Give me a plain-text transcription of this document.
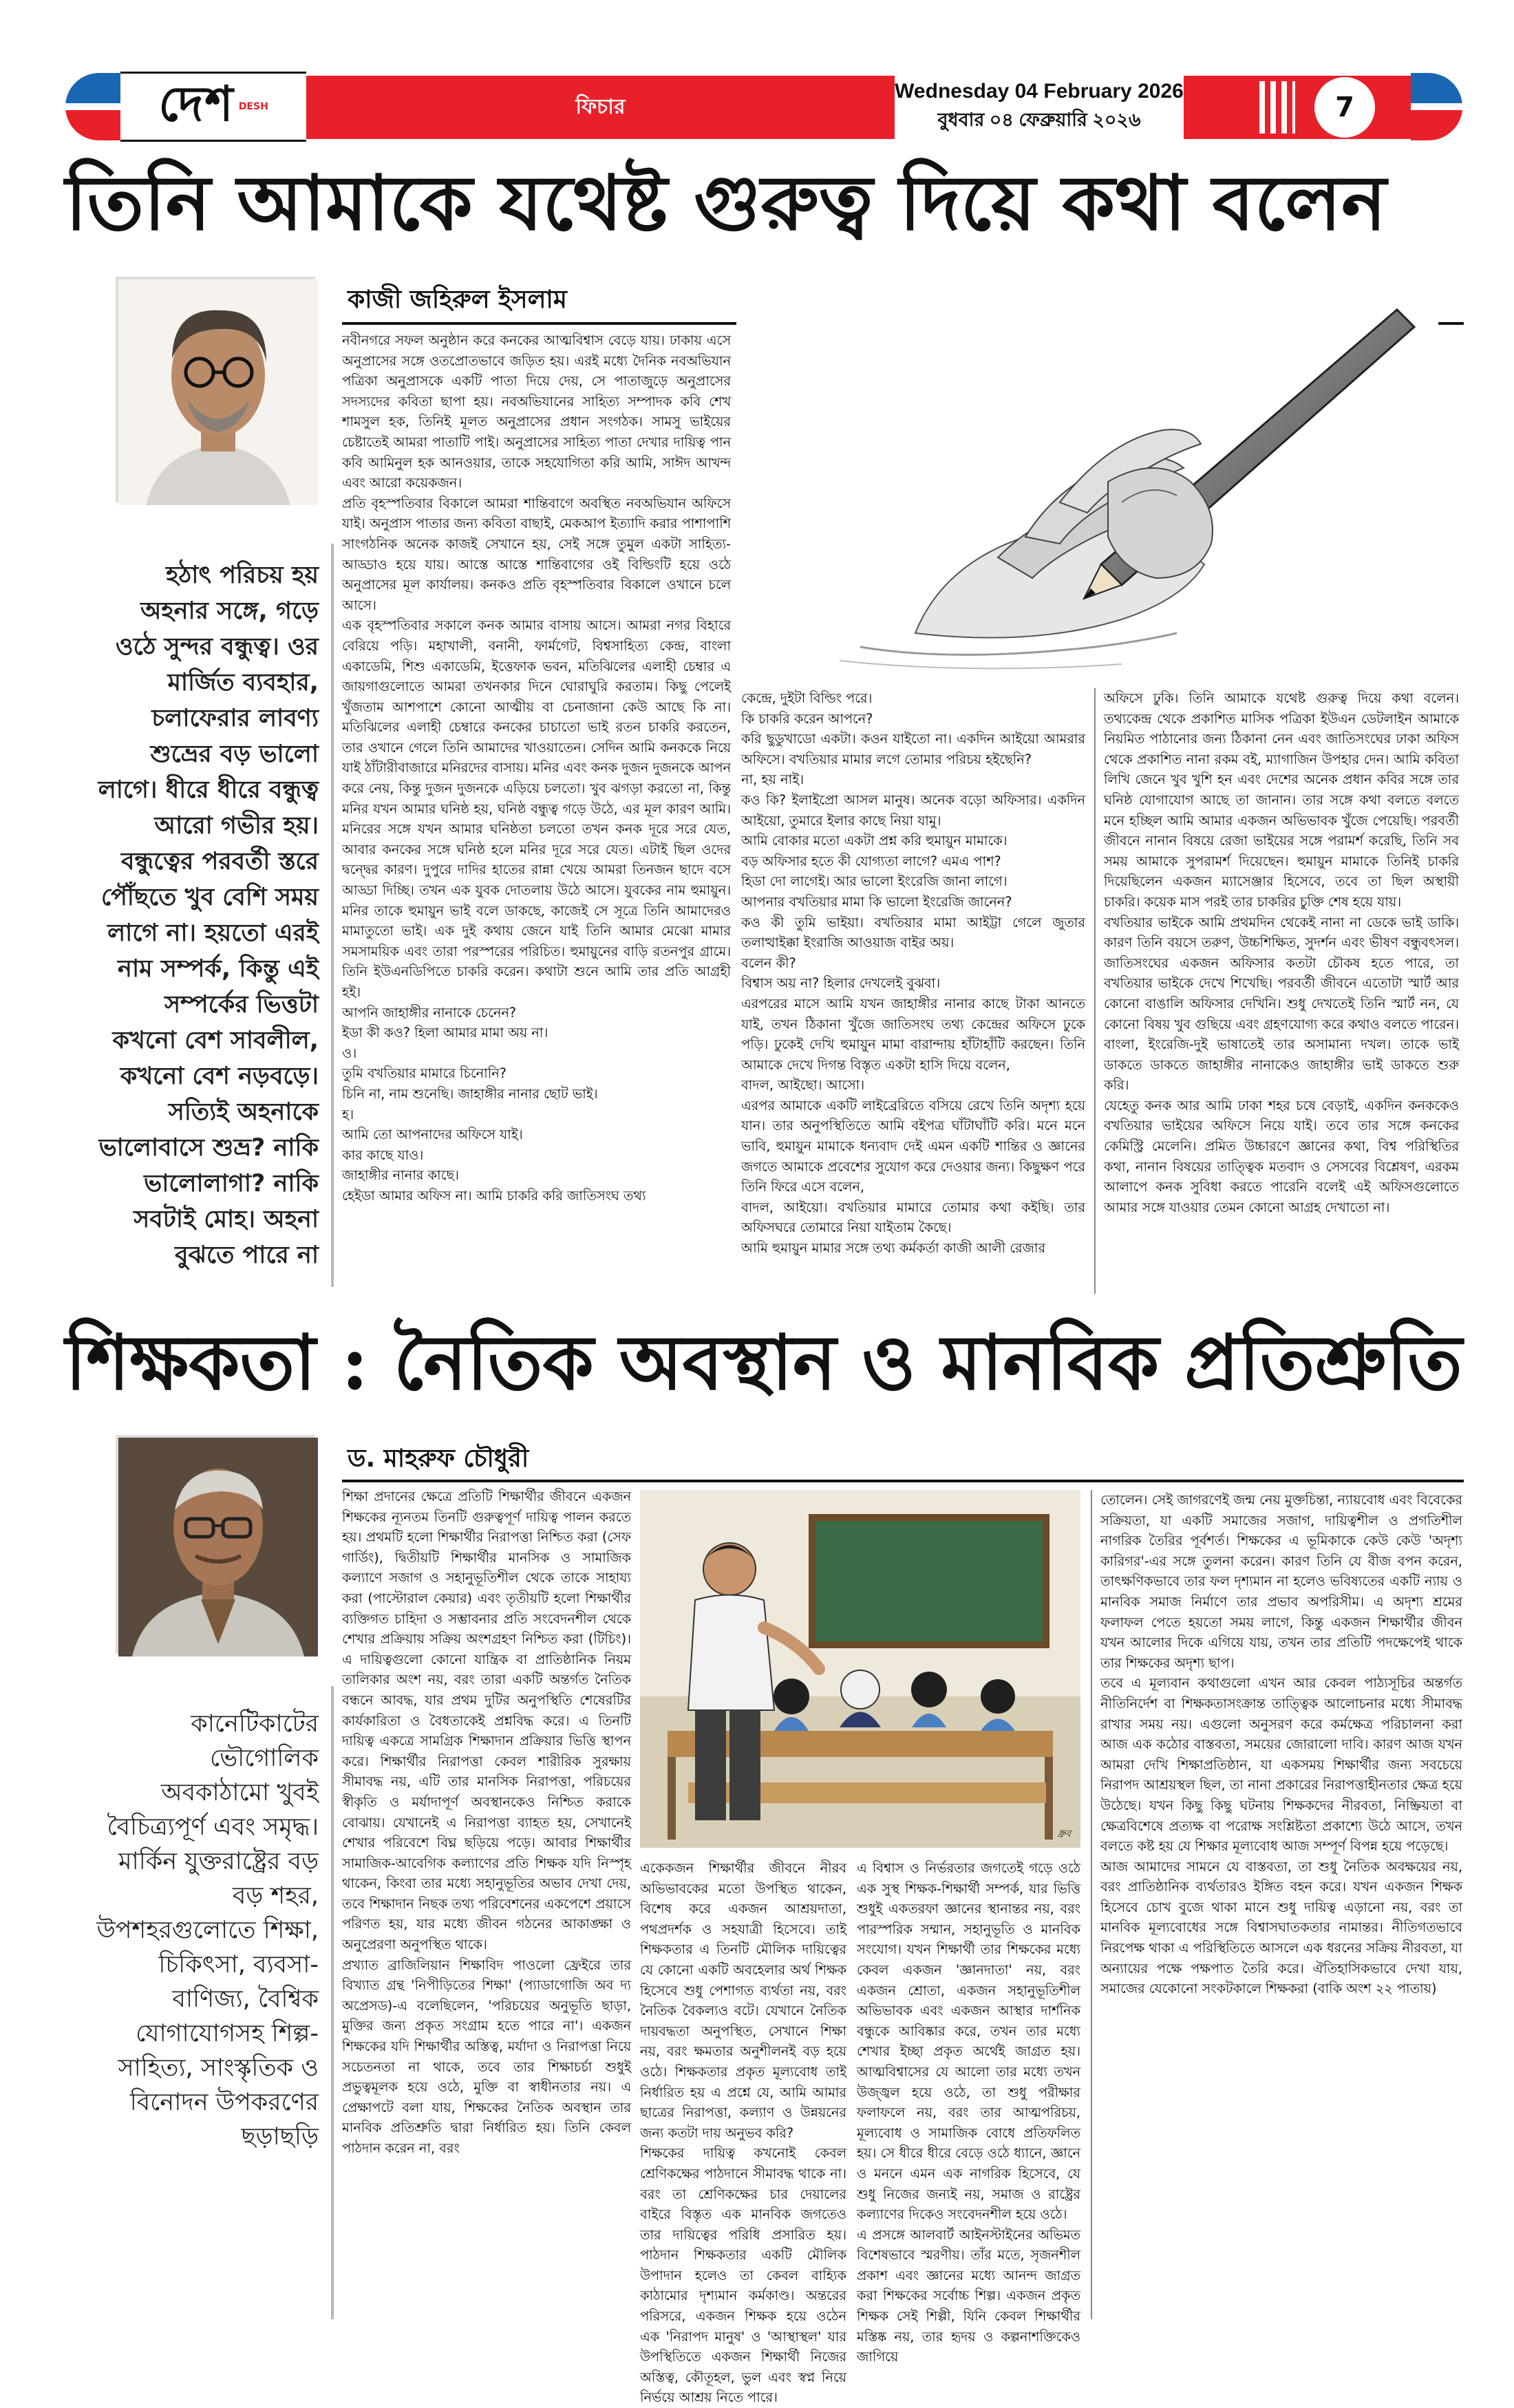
দেশ DESH	ফিচার
Wednesday 04 February 2026
বুধবার ০৪ ফেব্রুয়ারি ২০২৬	7
তিনি আমাকে যথেষ্ট গুরুত্ব দিয়ে কথা বলেন
হঠাৎ পরিচয় হয় অহনার সঙ্গে, গড়ে ওঠে সুন্দর বন্ধুত্ব। ওর মার্জিত ব্যবহার, চলাফেরার লাবণ্য শুভ্রের বড় ভালো লাগে। ধীরে ধীরে বন্ধুত্ব আরো গভীর হয়। বন্ধুত্বের পরবর্তী স্তরে পৌঁছতে খুব বেশি সময় লাগে না। হয়তো এরই নাম সম্পর্ক, কিন্তু এই সম্পর্কের ভিত্তটা কখনো বেশ সাবলীল, কখনো বেশ নড়বড়ে। সত্যিই অহনাকে ভালোবাসে শুভ্র? নাকি ভালোলাগা? নাকি সবটাই মোহ। অহনা বুঝতে পারে না
কাজী জহিরুল ইসলাম

নবীনগরে সফল অনুষ্ঠান করে কনকের আত্মবিশ্বাস বেড়ে যায়। ঢাকায় এসে অনুপ্রাসের সঙ্গে ওতপ্রোতভাবে জড়িত হয়। এরই মধ্যে দৈনিক নবঅভিযান পত্রিকা অনুপ্রাসকে একটি পাতা দিয়ে দেয়, সে পাতাজুড়ে অনুপ্রাসের সদস্যদের কবিতা ছাপা হয়। নবঅভিযানের সাহিত্য সম্পাদক কবি শেখ শামসুল হক, তিনিই মূলত অনুপ্রাসের প্রধান সংগঠক। সামসু ভাইয়ের চেষ্টাতেই আমরা পাতাটি পাই। অনুপ্রাসের সাহিত্য পাতা দেখার দায়িত্ব পান কবি আমিনুল হক আনওয়ার, তাকে সহযোগিতা করি আমি, সাঈদ আখন্দ এবং আরো কয়েকজন।

প্রতি বৃহস্পতিবার বিকালে আমরা শান্তিবাগে অবস্থিত নবঅভিযান অফিসে যাই। অনুপ্রাস পাতার জন্য কবিতা বাছাই, মেকআপ ইত্যাদি করার পাশাপাশি সাংগঠনিক অনেক কাজই সেখানে হয়, সেই সঙ্গে তুমুল একটা সাহিত্য-আড্ডাও হয়ে যায়। আস্তে আস্তে শান্তিবাগের ওই বিল্ডিংটি হয়ে ওঠে অনুপ্রাসের মূল কার্যালয়। কনকও প্রতি বৃহস্পতিবার বিকালে ওখানে চলে আসে।

এক বৃহস্পতিবার সকালে কনক আমার বাসায় আসে। আমরা নগর বিহারে বেরিয়ে পড়ি। মহাখালী, বনানী, ফার্মগেট, বিশ্বসাহিত্য কেন্দ্র, বাংলা একাডেমি, শিশু একাডেমি, ইত্তেফাক ভবন, মতিঝিলের এলাহী চেম্বার এ জায়গাগুলোতে আমরা তখনকার দিনে ঘোরাঘুরি করতাম। কিছু পেলেই খুঁজতাম আশপাশে কোনো আত্মীয় বা চেনাজানা কেউ আছে কি না। মতিঝিলের এলাহী চেম্বারে কনকের চাচাতো ভাই রতন চাকরি করতেন, তার ওখানে গেলে তিনি আমাদের খাওয়াতেন। সেদিন আমি কনককে নিয়ে যাই ঠাঁটারীবাজারে মনিরদের বাসায়। মনির এবং কনক দুজন দুজনকে আপন করে নেয়, কিন্তু দুজন দুজনকে এড়িয়ে চলতো। খুব ঝগড়া করতো না, কিন্তু মনির যখন আমার ঘনিষ্ঠ হয়, ঘনিষ্ঠ বন্ধুত্ব গড়ে উঠে, এর মূল কারণ আমি। মনিরের সঙ্গে যখন আমার ঘনিষ্ঠতা চলতো তখন কনক দূরে সরে যেত, আবার কনকের সঙ্গে ঘনিষ্ঠ হলে মনির দূরে সরে যেত। এটাই ছিল ওদের দ্বন্দ্বের কারণ। দুপুরে দাদির হাতের রান্না খেয়ে আমরা তিনজন ছাদে বসে আড্ডা দিচ্ছি। তখন এক যুবক দোতলায় উঠে আসে। যুবকের নাম হুমায়ুন। মনির তাকে হুমায়ুন ভাই বলে ডাকছে, কাজেই সে সূত্রে তিনি আমাদেরও মামাতুতো ভাই। এক দুই কথায় জেনে যাই তিনি আমার মেঝো মামার সমসাময়িক এবং তারা পরস্পরের পরিচিত। হুমায়ুনের বাড়ি রতনপুর গ্রামে। তিনি ইউএনডিপিতে চাকরি করেন। কথাটা শুনে আমি তার প্রতি আগ্রহী হই।

আপনি জাহাঙ্গীর নানাকে চেনেন?

ইডা কী কও? হিলা আমার মামা অয় না।

ও।

তুমি বখতিয়ার মামারে চিনোনি?

চিনি না, নাম শুনেছি। জাহাঙ্গীর নানার ছোট ভাই।

হ।

আমি তো আপনাদের অফিসে যাই।

কার কাছে যাও।

জাহাঙ্গীর নানার কাছে।

হেইডা আমার অফিস না। আমি চাকরি করি জাতিসংঘ তথ্য

কেন্দ্রে, দুইটা বিল্ডিং পরে।

কি চাকরি করেন আপনে?

করি ছুডুখাডো একটা। কওন যাইতো না। একদিন আইয়ো আমরার অফিসে। বখতিয়ার মামার লগে তোমার পরিচয় হইছেনি?

না, হয় নাই।

কও কি? ইলাইপ্রো আসল মানুষ। অনেক বড়ো অফিসার। একদিন আইয়ো, তুমারে ইলার কাছে নিয়া যামু।

আমি বোকার মতো একটা প্রশ্ন করি হুমায়ুন মামাকে।

বড় অফিসার হতে কী যোগ্যতা লাগে? এমএ পাশ?

হিডা দো লাগেই। আর ভালো ইংরেজি জানা লাগে।

আপনার বখতিয়ার মামা কি ভালো ইংরেজি জানেন?

কও কী তুমি ভাইয়া। বখতিয়ার মামা আইট্টা গেলে জুতার তলাত্থাইক্কা ইংরাজি আওয়াজ বাইর অয়।

বলেন কী?

বিশ্বাস অয় না? হিলার দেখলেই বুঝবা।

এরপরের মাসে আমি যখন জাহাঙ্গীর নানার কাছে টাকা আনতে যাই, তখন ঠিকানা খুঁজে জাতিসংঘ তথ্য কেন্দ্রের অফিসে ঢুকে পড়ি। ঢুকেই দেখি হুমায়ুন মামা বারান্দায় হাঁটাহাঁটি করছেন। তিনি আমাকে দেখে দিগন্ত বিস্তৃত একটা হাসি দিয়ে বলেন,

বাদল, আইছো। আসো।

এরপর আমাকে একটি লাইব্রেরিতে বসিয়ে রেখে তিনি অদৃশ্য হয়ে যান। তার অনুপস্থিতিতে আমি বইপত্র ঘাঁটাঘাঁটি করি। মনে মনে ভাবি, হুমায়ুন মামাকে ধন্যবাদ দেই এমন একটি শান্তির ও জ্ঞানের জগতে আমাকে প্রবেশের সুযোগ করে দেওয়ার জন্য। কিছুক্ষণ পরে তিনি ফিরে এসে বলেন,

বাদল, আইয়ো। বখতিয়ার মামারে তোমার কথা কইছি। তার অফিসঘরে তোমারে নিয়া যাইতাম কৈছে।

আমি হুমায়ুন মামার সঙ্গে তথ্য কর্মকর্তা কাজী আলী রেজার

অফিসে ঢুকি। তিনি আমাকে যথেষ্ট গুরুত্ব দিয়ে কথা বলেন। তথ্যকেন্দ্র থেকে প্রকাশিত মাসিক পত্রিকা ইউএন ডেটলাইন আমাকে নিয়মিত পাঠানোর জন্য ঠিকানা নেন এবং জাতিসংঘের ঢাকা অফিস থেকে প্রকাশিত নানা রকম বই, ম্যাগাজিন উপহার দেন। আমি কবিতা লিখি জেনে খুব খুশি হন এবং দেশের অনেক প্রধান কবির সঙ্গে তার ঘনিষ্ঠ যোগাযোগ আছে তা জানান। তার সঙ্গে কথা বলতে বলতে মনে হচ্ছিল আমি আমার একজন অভিভাবক খুঁজে পেয়েছি। পরবর্তী জীবনে নানান বিষয়ে রেজা ভাইয়ের সঙ্গে পরামর্শ করেছি, তিনি সব সময় আমাকে সুপরামর্শ দিয়েছেন। হুমায়ুন মামাকে তিনিই চাকরি দিয়েছিলেন একজন ম্যাসেঞ্জার হিসেবে, তবে তা ছিল অস্থায়ী চাকরি। কয়েক মাস পরই তার চাকরির চুক্তি শেষ হয়ে যায়।

বখতিয়ার ভাইকে আমি প্রথমদিন থেকেই নানা না ডেকে ভাই ডাকি। কারণ তিনি বয়সে তরুণ, উচ্চশিক্ষিত, সুদর্শন এবং ভীষণ বন্ধুবৎসল। জাতিসংঘের একজন অফিসার কতটা চৌকষ হতে পারে, তা বখতিয়ার ভাইকে দেখে শিখেছি। পরবর্তী জীবনে এতোটা স্মার্ট আর কোনো বাঙালি অফিসার দেখিনি। শুধু দেখতেই তিনি স্মার্ট নন, যে কোনো বিষয় খুব গুছিয়ে এবং গ্রহণযোগ্য করে কথাও বলতে পারেন। বাংলা, ইংরেজি-দুই ভাষাতেই তার অসামান্য দখল। তাকে ভাই ডাকতে ডাকতে জাহাঙ্গীর নানাকেও জাহাঙ্গীর ভাই ডাকতে শুরু করি।

যেহেতু কনক আর আমি ঢাকা শহর চষে বেড়াই, একদিন কনককেও বখতিয়ার ভাইয়ের অফিসে নিয়ে যাই। তবে তার সঙ্গে কনকের কেমিস্ট্রি মেলেনি। প্রমিত উচ্চারণে জ্ঞানের কথা, বিশ্ব পরিস্থিতির কথা, নানান বিষয়ের তাত্ত্বিক মতবাদ ও সেসবের বিশ্লেষণ, এরকম আলাপে কনক সুবিধা করতে পারেনি বলেই এই অফিসগুলোতে আমার সঙ্গে যাওয়ার তেমন কোনো আগ্রহ দেখাতো না।

শিক্ষকতা : নৈতিক অবস্থান ও মানবিক প্রতিশ্রুতি
কানেটিকাটের ভৌগোলিক অবকাঠামো খুবই বৈচিত্র্যপূর্ণ এবং সমৃদ্ধ। মার্কিন যুক্তরাষ্ট্রের বড় বড় শহর, উপশহরগুলোতে শিক্ষা, চিকিৎসা, ব্যবসা-বাণিজ্য, বৈশ্বিক যোগাযোগসহ শিল্প-সাহিত্য, সাংস্কৃতিক ও বিনোদন উপকরণের ছড়াছড়ি
ড. মাহরুফ চৌধুরী

শিক্ষা প্রদানের ক্ষেত্রে প্রতিটি শিক্ষার্থীর জীবনে একজন শিক্ষকের ন্যূনতম তিনটি গুরুত্বপূর্ণ দায়িত্ব পালন করতে হয়। প্রথমটি হলো শিক্ষার্থীর নিরাপত্তা নিশ্চিত করা (সেফ গার্ডিং), দ্বিতীয়টি শিক্ষার্থীর মানসিক ও সামাজিক কল্যাণে সজাগ ও সহানুভূতিশীল থেকে তাকে সাহায্য করা (পাস্টোরাল কেয়ার) এবং তৃতীয়টি হলো শিক্ষার্থীর ব্যক্তিগত চাহিদা ও সম্ভাবনার প্রতি সংবেদনশীল থেকে শেখার প্রক্রিয়ায় সক্রিয় অংশগ্রহণ নিশ্চিত করা (টিচিং)। এ দায়িত্বগুলো কোনো যান্ত্রিক বা প্রাতিষ্ঠানিক নিয়ম তালিকার অংশ নয়, বরং তারা একটি অন্তর্গত নৈতিক বন্ধনে আবদ্ধ, যার প্রথম দুটির অনুপস্থিতি শেষেরটির কার্যকারিতা ও বৈধতাকেই প্রশ্নবিদ্ধ করে। এ তিনটি দায়িত্ব একত্রে সামগ্রিক শিক্ষাদান প্রক্রিয়ার ভিত্তি স্থাপন করে। শিক্ষার্থীর নিরাপত্তা কেবল শারীরিক সুরক্ষায় সীমাবদ্ধ নয়, এটি তার মানসিক নিরাপত্তা, পরিচয়ের স্বীকৃতি ও মর্যাদাপূর্ণ অবস্থানকেও নিশ্চিত করাকে বোঝায়। যেখানেই এ নিরাপত্তা ব্যাহত হয়, সেখানেই শেখার পরিবেশে বিঘ্ন ছড়িয়ে পড়ে। আবার শিক্ষার্থীর সামাজিক-আবেগিক কল্যাণের প্রতি শিক্ষক যদি নিস্পৃহ থাকেন, কিংবা তার মধ্যে সহানুভূতির অভাব দেখা দেয়, তবে শিক্ষাদান নিছক তথ্য পরিবেশনের একপেশে প্রয়াসে পরিণত হয়, যার মধ্যে জীবন গঠনের আকাঙ্ক্ষা ও অনুপ্রেরণা অনুপস্থিত থাকে।

প্রখ্যাত ব্রাজিলিয়ান শিক্ষাবিদ পাওলো ফ্রেইরে তার বিখ্যাত গ্রন্থ 'নিপীড়িতের শিক্ষা' (প্যাডাগোজি অব দ্য অপ্রেসড)-এ বলেছিলেন, 'পরিচয়ের অনুভূতি ছাড়া, মুক্তির জন্য প্রকৃত সংগ্রাম হতে পারে না'। একজন শিক্ষকের যদি শিক্ষার্থীর অস্তিত্ব, মর্যাদা ও নিরাপত্তা নিয়ে সচেতনতা না থাকে, তবে তার শিক্ষাচর্চা শুধুই প্রভুত্বমূলক হয়ে ওঠে, মুক্তি বা স্বাধীনতার নয়। এ প্রেক্ষাপটে বলা যায়, শিক্ষকের নৈতিক অবস্থান তার মানবিক প্রতিশ্রুতি দ্বারা নির্ধারিত হয়। তিনি কেবল পাঠদান করেন না, বরং

ধ্রুব

একেকজন শিক্ষার্থীর জীবনে নীরব অভিভাবকের মতো উপস্থিত থাকেন, বিশেষ করে একজন আশ্রয়দাতা, পথপ্রদর্শক ও সহযাত্রী হিসেবে। তাই শিক্ষকতার এ তিনটি মৌলিক দায়িত্বের যে কোনো একটি অবহেলার অর্থ শিক্ষক হিসেবে শুধু পেশাগত ব্যর্থতা নয়, বরং নৈতিক বৈকল্যও বটে। যেখানে নৈতিক দায়বদ্ধতা অনুপস্থিত, সেখানে শিক্ষা নয়, বরং ক্ষমতার অনুশীলনই বড় হয়ে ওঠে। শিক্ষকতার প্রকৃত মূল্যবোধ তাই নির্ধারিত হয় এ প্রশ্নে যে, আমি আমার ছাত্রের নিরাপত্তা, কল্যাণ ও উন্নয়নের জন্য কতটা দায় অনুভব করি?

শিক্ষকের দায়িত্ব কখনোই কেবল শ্রেণিকক্ষের পাঠদানে সীমাবদ্ধ থাকে না। বরং তা শ্রেণিকক্ষের চার দেয়ালের বাইরে বিস্তৃত এক মানবিক জগতেও তার দায়িত্বের পরিধি প্রসারিত হয়। পাঠদান শিক্ষকতার একটি মৌলিক উপাদান হলেও তা কেবল বাহ্যিক কাঠামোর দৃশ্যমান কর্মকাণ্ড। অন্তরের পরিসরে, একজন শিক্ষক হয়ে ওঠেন এক 'নিরাপদ মানুষ' ও 'আস্থাস্থল' যার উপস্থিতিতে একজন শিক্ষার্থী নিজের অস্তিত্ব, কৌতূহল, ভুল এবং স্বপ্ন নিয়ে নির্ভয়ে আশ্রয় নিতে পারে।

এ বিশ্বাস ও নির্ভরতার জগতেই গড়ে ওঠে এক সুস্থ শিক্ষক-শিক্ষার্থী সম্পর্ক, যার ভিত্তি শুধুই একতরফা জ্ঞানের স্থানান্তর নয়, বরং পারস্পরিক সম্মান, সহানুভূতি ও মানবিক সংযোগ। যখন শিক্ষার্থী তার শিক্ষকের মধ্যে কেবল একজন 'জ্ঞানদাতা' নয়, বরং একজন শ্রোতা, একজন সহানুভূতিশীল অভিভাবক এবং একজন আস্থার দার্শনিক বন্ধুকে আবিষ্কার করে, তখন তার মধ্যে শেখার ইচ্ছা প্রকৃত অর্থেই জাগ্রত হয়। আত্মবিশ্বাসের যে আলো তার মধ্যে তখন উজ্জ্বল হয়ে ওঠে, তা শুধু পরীক্ষার ফলাফলে নয়, বরং তার আত্মপরিচয়, মূল্যবোধ ও সামাজিক বোধে প্রতিফলিত হয়। সে ধীরে ধীরে বেড়ে ওঠে ধ্যানে, জ্ঞানে ও মননে এমন এক নাগরিক হিসেবে, যে শুধু নিজের জন্যই নয়, সমাজ ও রাষ্ট্রের কল্যাণের দিকেও সংবেদনশীল হয়ে ওঠে।

এ প্রসঙ্গে আলবার্ট আইনস্টাইনের অভিমত বিশেষভাবে স্মরণীয়। তাঁর মতে, সৃজনশীল প্রকাশ এবং জ্ঞানের মধ্যে আনন্দ জাগ্রত করা শিক্ষকের সর্বোচ্চ শিল্প। একজন প্রকৃত শিক্ষক সেই শিল্পী, যিনি কেবল শিক্ষার্থীর মস্তিষ্ক নয়, তার হৃদয় ও কল্পনাশক্তিকেও জাগিয়ে

তোলেন। সেই জাগরণেই জন্ম নেয় মুক্তচিন্তা, ন্যায়বোধ এবং বিবেকের সক্রিয়তা, যা একটি সমাজের সজাগ, দায়িত্বশীল ও প্রগতিশীল নাগরিক তৈরির পূর্বশর্ত। শিক্ষকের এ ভূমিকাকে কেউ কেউ 'অদৃশ্য কারিগর'-এর সঙ্গে তুলনা করেন। কারণ তিনি যে বীজ বপন করেন, তাৎক্ষণিকভাবে তার ফল দৃশ্যমান না হলেও ভবিষ্যতের একটি ন্যায় ও মানবিক সমাজ নির্মাণে তার প্রভাব অপরিসীম। এ অদৃশ্য শ্রমের ফলাফল পেতে হয়তো সময় লাগে, কিন্তু একজন শিক্ষার্থীর জীবন যখন আলোর দিকে এগিয়ে যায়, তখন তার প্রতিটি পদক্ষেপেই থাকে তার শিক্ষকের অদৃশ্য ছাপ।

তবে এ মূল্যবান কথাগুলো এখন আর কেবল পাঠ্যসূচির অন্তর্গত নীতিনির্দেশ বা শিক্ষকতাসংক্রান্ত তাত্ত্বিক আলোচনার মধ্যে সীমাবদ্ধ রাখার সময় নয়। এগুলো অনুসরণ করে কর্মক্ষেত্র পরিচালনা করা আজ এক কঠোর বাস্তবতা, সময়ের জোরালো দাবি। কারণ আজ যখন আমরা দেখি শিক্ষাপ্রতিষ্ঠান, যা একসময় শিক্ষার্থীর জন্য সবচেয়ে নিরাপদ আশ্রয়স্থল ছিল, তা নানা প্রকারের নিরাপত্তাহীনতার ক্ষেত্র হয়ে উঠেছে। যখন কিছু কিছু ঘটনায় শিক্ষকদের নীরবতা, নিষ্ক্রিয়তা বা ক্ষেত্রবিশেষে প্রত্যক্ষ বা পরোক্ষ সংশ্লিষ্টতা প্রকাশ্যে উঠে আসে, তখন বলতে কষ্ট হয় যে শিক্ষার মূল্যবোধ আজ সম্পূর্ণ বিপন্ন হয়ে পড়েছে।

আজ আমাদের সামনে যে বাস্তবতা, তা শুধু নৈতিক অবক্ষয়ের নয়, বরং প্রাতিষ্ঠানিক ব্যর্থতারও ইঙ্গিত বহন করে। যখন একজন শিক্ষক হিসেবে চোখ বুজে থাকা মানে শুধু দায়িত্ব এড়ানো নয়, বরং তা মানবিক মূল্যবোধের সঙ্গে বিশ্বাসঘাতকতার নামান্তর। নীতিগতভাবে নিরপেক্ষ থাকা এ পরিস্থিতিতে আসলে এক ধরনের সক্রিয় নীরবতা, যা অন্যায়ের পক্ষে পক্ষপাত তৈরি করে। ঐতিহাসিকভাবে দেখা যায়, সমাজের যেকোনো সংকটকালে শিক্ষকরা (বাকি অংশ ২২ পাতায়)
